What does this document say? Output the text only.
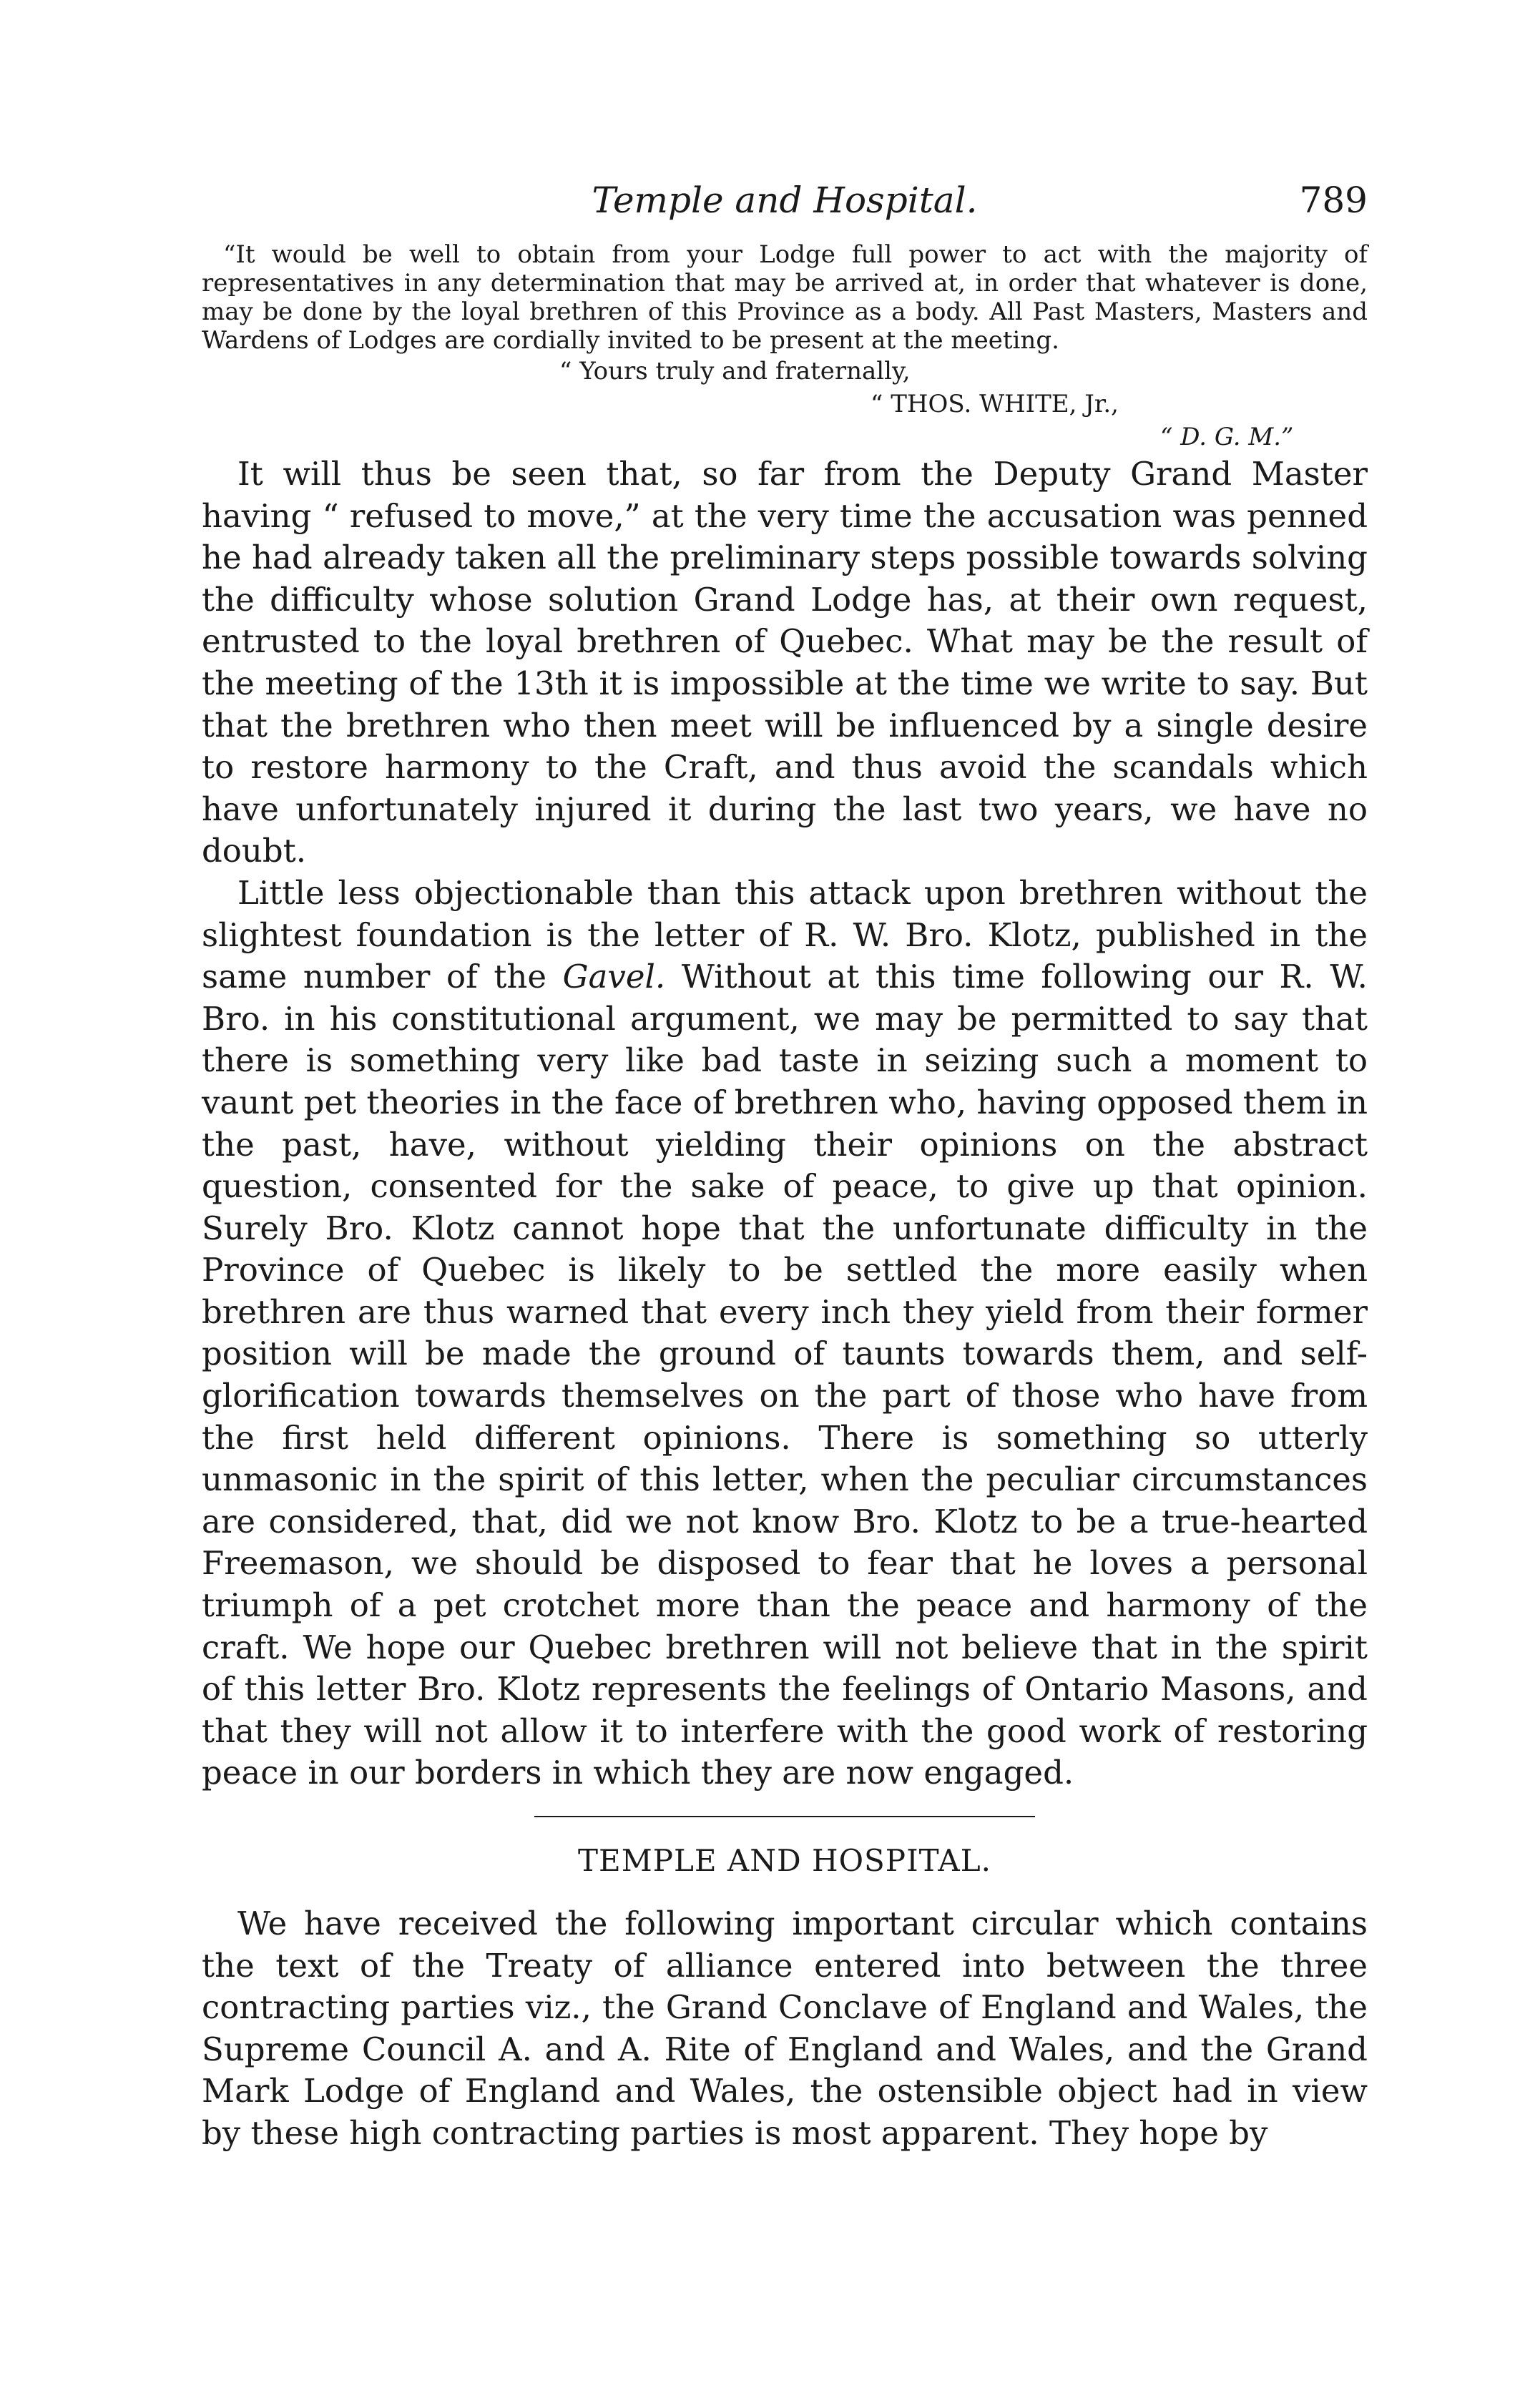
Temple and Hospital.	789

“It would be well to obtain from your Lodge full power to act with the majority of representatives in any determination that may be arrived at, in order that whatever is done, may be done by the loyal brethren of this Province as a body. All Past Masters, Masters and Wardens of Lodges are cordially invited to be present at the meeting.

“ Yours truly and fraternally,
“ THOS. WHITE, Jr.,
“ D. G. M.”

It will thus be seen that, so far from the Deputy Grand Master having “ refused to move,” at the very time the accusation was penned he had already taken all the preliminary steps possible towards solving the difficulty whose solution Grand Lodge has, at their own request, entrusted to the loyal brethren of Quebec. What may be the result of the meeting of the 13th it is impossible at the time we write to say. But that the brethren who then meet will be influenced by a single desire to restore harmony to the Craft, and thus avoid the scandals which have unfortunately injured it during the last two years, we have no doubt.

Little less objectionable than this attack upon brethren without the slightest foundation is the letter of R. W. Bro. Klotz, published in the same number of the Gavel. Without at this time following our R. W. Bro. in his constitutional argument, we may be permitted to say that there is something very like bad taste in seizing such a moment to vaunt pet theories in the face of brethren who, having opposed them in the past, have, without yielding their opinions on the abstract question, consented for the sake of peace, to give up that opinion. Surely Bro. Klotz cannot hope that the unfortunate difficulty in the Province of Quebec is likely to be settled the more easily when brethren are thus warned that every inch they yield from their former position will be made the ground of taunts towards them, and self-glorification towards themselves on the part of those who have from the first held different opinions. There is something so utterly unmasonic in the spirit of this letter, when the peculiar circumstances are considered, that, did we not know Bro. Klotz to be a true-hearted Freemason, we should be disposed to fear that he loves a personal triumph of a pet crotchet more than the peace and harmony of the craft. We hope our Quebec brethren will not believe that in the spirit of this letter Bro. Klotz represents the feelings of Ontario Masons, and that they will not allow it to interfere with the good work of restoring peace in our borders in which they are now engaged.

TEMPLE AND HOSPITAL.

We have received the following important circular which contains the text of the Treaty of alliance entered into between the three contracting parties viz., the Grand Conclave of England and Wales, the Supreme Council A. and A. Rite of England and Wales, and the Grand Mark Lodge of England and Wales, the ostensible object had in view by these high contracting parties is most apparent. They hope by
